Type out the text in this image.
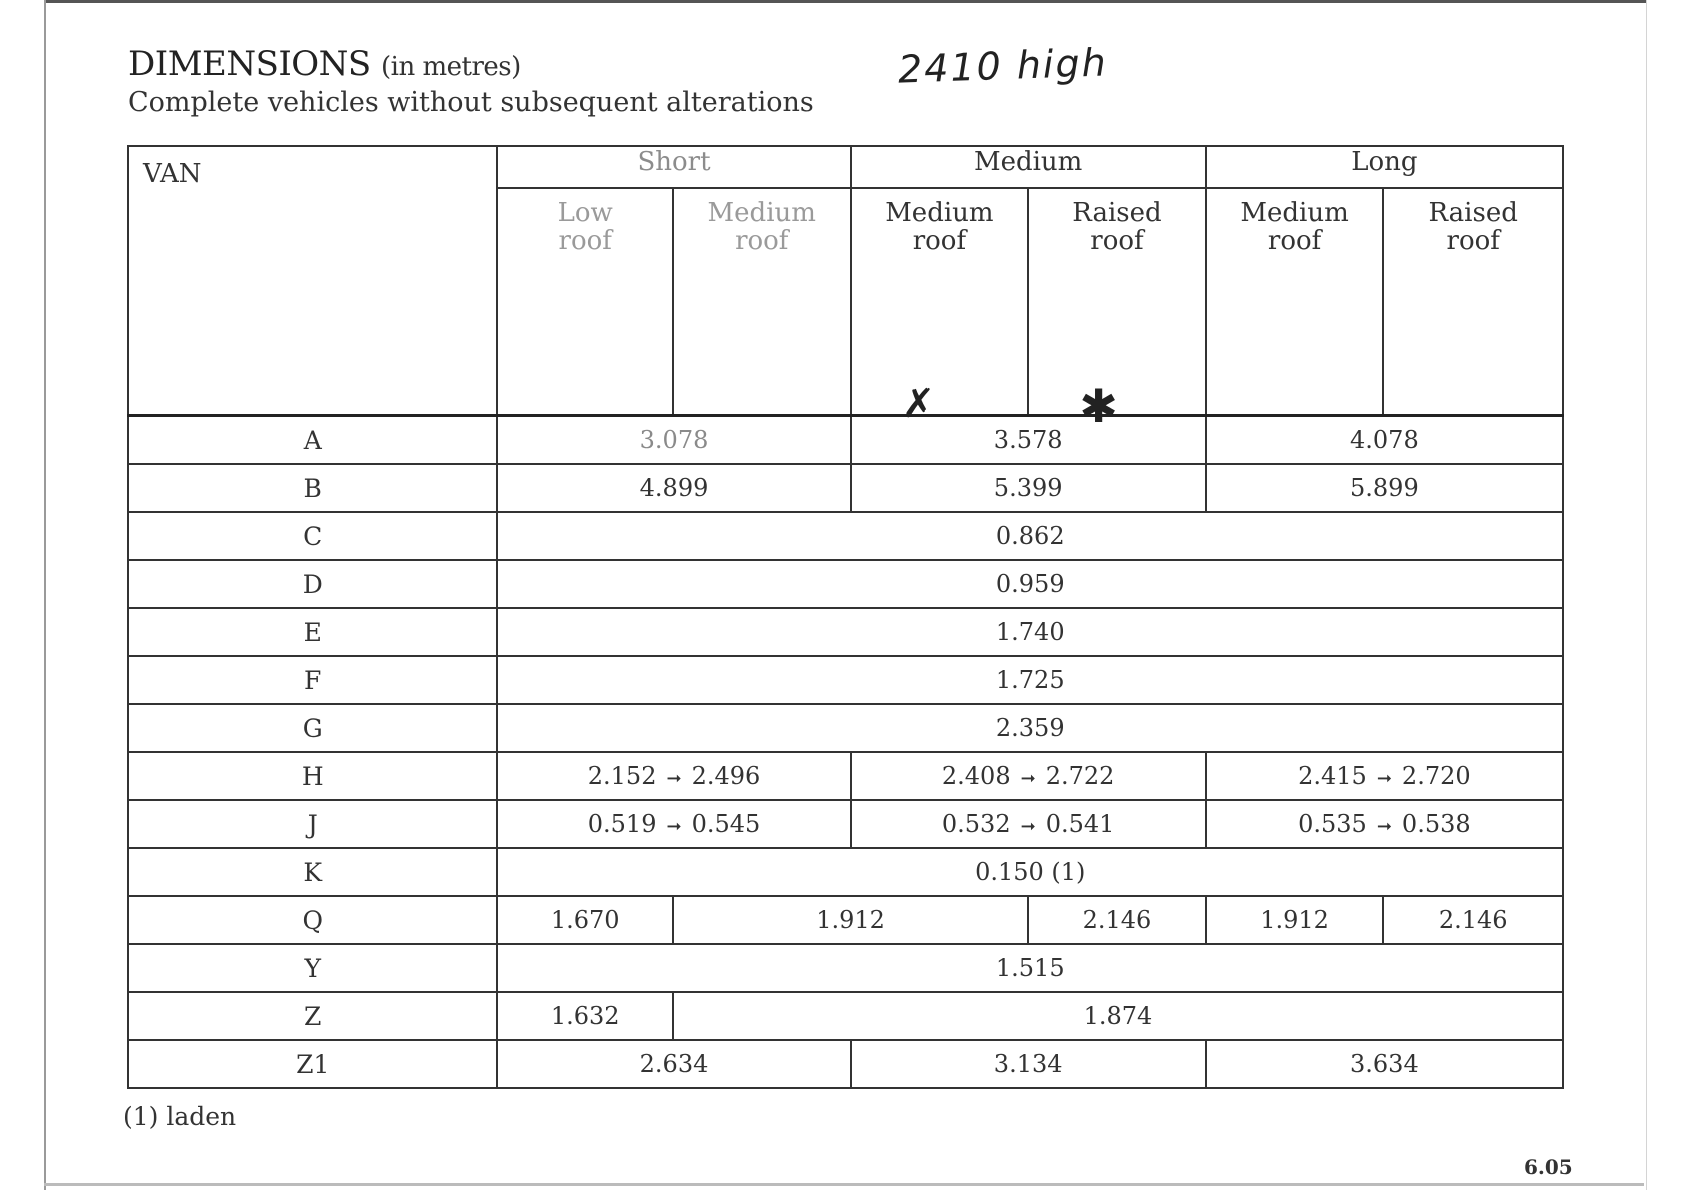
DIMENSIONS (in metres)
Complete vehicles without subsequent alterations
2410 high
VAN	Short		Medium		Long	
	Low
roof	Medium
roof	Medium
roof
✗	Raised
roof
✱	Medium
roof	Raised
roof
A	3.078		3.578		4.078	
B	4.899		5.399		5.899	
C	0.862					
D	0.959					
E	1.740					
F	1.725					
G	2.359					
H	2.152 ➞ 2.496		2.408 ➞ 2.722		2.415 ➞ 2.720	
J	0.519 ➞ 0.545		0.532 ➞ 0.541		0.535 ➞ 0.538	
K	0.150 (1)					
Q	1.670	1.912		2.146	1.912	2.146
Y	1.515					
Z	1.632	1.874				
Z1	2.634		3.134		3.634	
(1) laden
6.05
